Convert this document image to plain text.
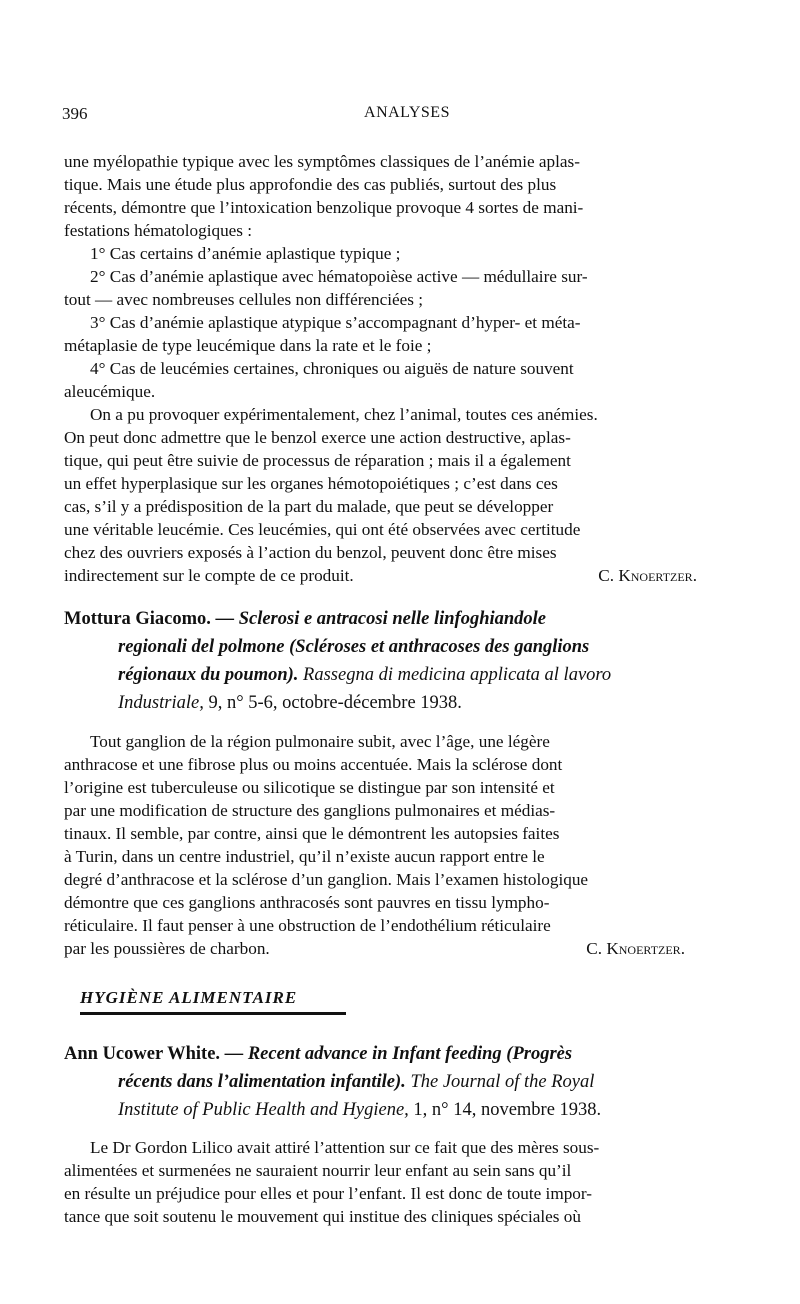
396	ANALYSES

une myélopathie typique avec les symptômes classiques de l’anémie aplas-

tique. Mais une étude plus approfondie des cas publiés, surtout des plus

récents, démontre que l’intoxication benzolique provoque 4 sortes de mani-

festations hématologiques :

1° Cas certains d’anémie aplastique typique ;

2° Cas d’anémie aplastique avec hématopoièse active — médullaire sur-

tout — avec nombreuses cellules non différenciées ;

3° Cas d’anémie aplastique atypique s’accompagnant d’hyper- et méta-

métaplasie de type leucémique dans la rate et le foie ;

4° Cas de leucémies certaines, chroniques ou aiguës de nature souvent

aleucémique.

On a pu provoquer expérimentalement, chez l’animal, toutes ces anémies.

On peut donc admettre que le benzol exerce une action destructive, aplas-

tique, qui peut être suivie de processus de réparation ; mais il a également

un effet hyperplasique sur les organes hémotopoiétiques ; c’est dans ces

cas, s’il y a prédisposition de la part du malade, que peut se développer

une véritable leucémie. Ces leucémies, qui ont été observées avec certitude

chez des ouvriers exposés à l’action du benzol, peuvent donc être mises

indirectement sur le compte de ce produit.	C. Knoertzer.

Mottura Giacomo. — Sclerosi e antracosi nelle linfoghiandole
regionali del polmone (Scléroses et anthracoses des ganglions
régionaux du poumon). Rassegna di medicina applicata al lavoro
Industriale, 9, n° 5-6, octobre-décembre 1938.

Tout ganglion de la région pulmonaire subit, avec l’âge, une légère

anthracose et une fibrose plus ou moins accentuée. Mais la sclérose dont

l’origine est tuberculeuse ou silicotique se distingue par son intensité et

par une modification de structure des ganglions pulmonaires et médias-

tinaux. Il semble, par contre, ainsi que le démontrent les autopsies faites

à Turin, dans un centre industriel, qu’il n’existe aucun rapport entre le

degré d’anthracose et la sclérose d’un ganglion. Mais l’examen histologique

démontre que ces ganglions anthracosés sont pauvres en tissu lympho-

réticulaire. Il faut penser à une obstruction de l’endothélium réticulaire

par les poussières de charbon.	C. Knoertzer.

HYGIÈNE ALIMENTAIRE
Ann Ucower White. — Recent advance in Infant feeding (Progrès
récents dans l’alimentation infantile). The Journal of the Royal
Institute of Public Health and Hygiene, 1, n° 14, novembre 1938.

Le Dr Gordon Lilico avait attiré l’attention sur ce fait que des mères sous-

alimentées et surmenées ne sauraient nourrir leur enfant au sein sans qu’il

en résulte un préjudice pour elles et pour l’enfant. Il est donc de toute impor-

tance que soit soutenu le mouvement qui institue des cliniques spéciales où
